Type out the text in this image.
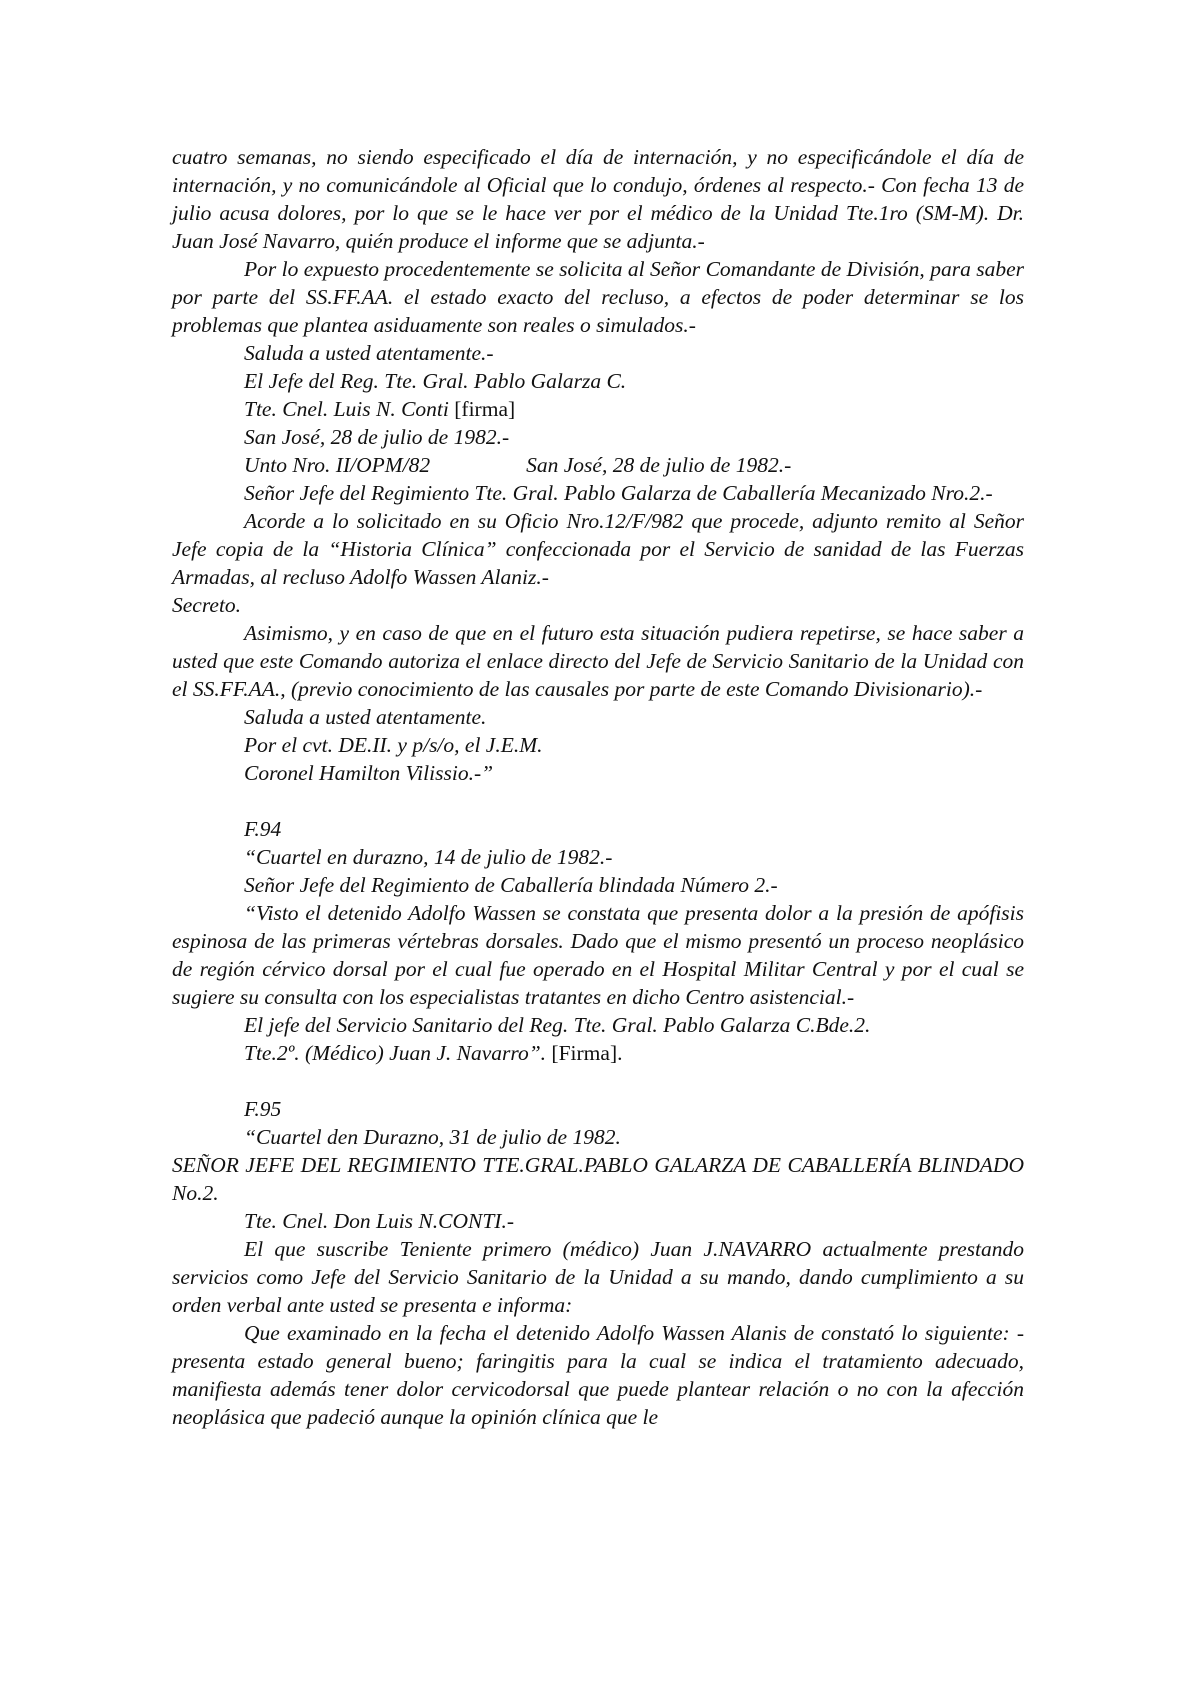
cuatro semanas, no siendo especificado el día de internación, y no especificándole el día de internación, y no comunicándole al Oficial que lo condujo, órdenes al respecto.- Con fecha 13 de julio acusa dolores, por lo que se le hace ver por el médico de la Unidad Tte.1ro (SM-M). Dr. Juan José Navarro, quién produce el informe que se adjunta.-

Por lo expuesto procedentemente se solicita al Señor Comandante de División, para saber por parte del SS.FF.AA. el estado exacto del recluso, a efectos de poder determinar se los problemas que plantea asiduamente son reales o simulados.-

Saluda a usted atentamente.-

El Jefe del Reg. Tte. Gral. Pablo Galarza C.

Tte. Cnel. Luis N. Conti [firma]

San José, 28 de julio de 1982.-

Unto Nro. II/OPM/82	San José, 28 de julio de 1982.-

Señor Jefe del Regimiento Tte. Gral. Pablo Galarza de Caballería Mecanizado Nro.2.-

Acorde a lo solicitado en su Oficio Nro.12/F/982 que procede, adjunto remito al Señor Jefe copia de la “Historia Clínica” confeccionada por el Servicio de sanidad de las Fuerzas Armadas, al recluso Adolfo Wassen Alaniz.-

Secreto.

Asimismo, y en caso de que en el futuro esta situación pudiera repetirse, se hace saber a usted que este Comando autoriza el enlace directo del Jefe de Servicio Sanitario de la Unidad con el SS.FF.AA., (previo conocimiento de las causales por parte de este Comando Divisionario).-

Saluda a usted atentamente.

Por el cvt. DE.II. y p/s/o, el J.E.M.

Coronel Hamilton Vilissio.-”

F.94

“Cuartel en durazno, 14 de julio de 1982.-

Señor Jefe del Regimiento de Caballería blindada Número 2.-

“Visto el detenido Adolfo Wassen se constata que presenta dolor a la presión de apófisis espinosa de las primeras vértebras dorsales. Dado que el mismo presentó un proceso neoplásico de región cérvico dorsal por el cual fue operado en el Hospital Militar Central y por el cual se sugiere su consulta con los especialistas tratantes en dicho Centro asistencial.-

El jefe del Servicio Sanitario del Reg. Tte. Gral. Pablo Galarza C.Bde.2.

Tte.2º. (Médico) Juan J. Navarro”. [Firma].

F.95

“Cuartel den Durazno, 31 de julio de 1982.

SEÑOR JEFE DEL REGIMIENTO TTE.GRAL.PABLO GALARZA DE CABALLERÍA BLINDADO No.2.

Tte. Cnel. Don Luis N.CONTI.-

El que suscribe Teniente primero (médico) Juan J.NAVARRO actualmente prestando servicios como Jefe del Servicio Sanitario de la Unidad a su mando, dando cumplimiento a su orden verbal ante usted se presenta e informa:

Que examinado en la fecha el detenido Adolfo Wassen Alanis de constató lo siguiente: -presenta estado general bueno; faringitis para la cual se indica el tratamiento adecuado, manifiesta además tener dolor cervicodorsal que puede plantear relación o no con la afección neoplásica que padeció aunque la opinión clínica que le
